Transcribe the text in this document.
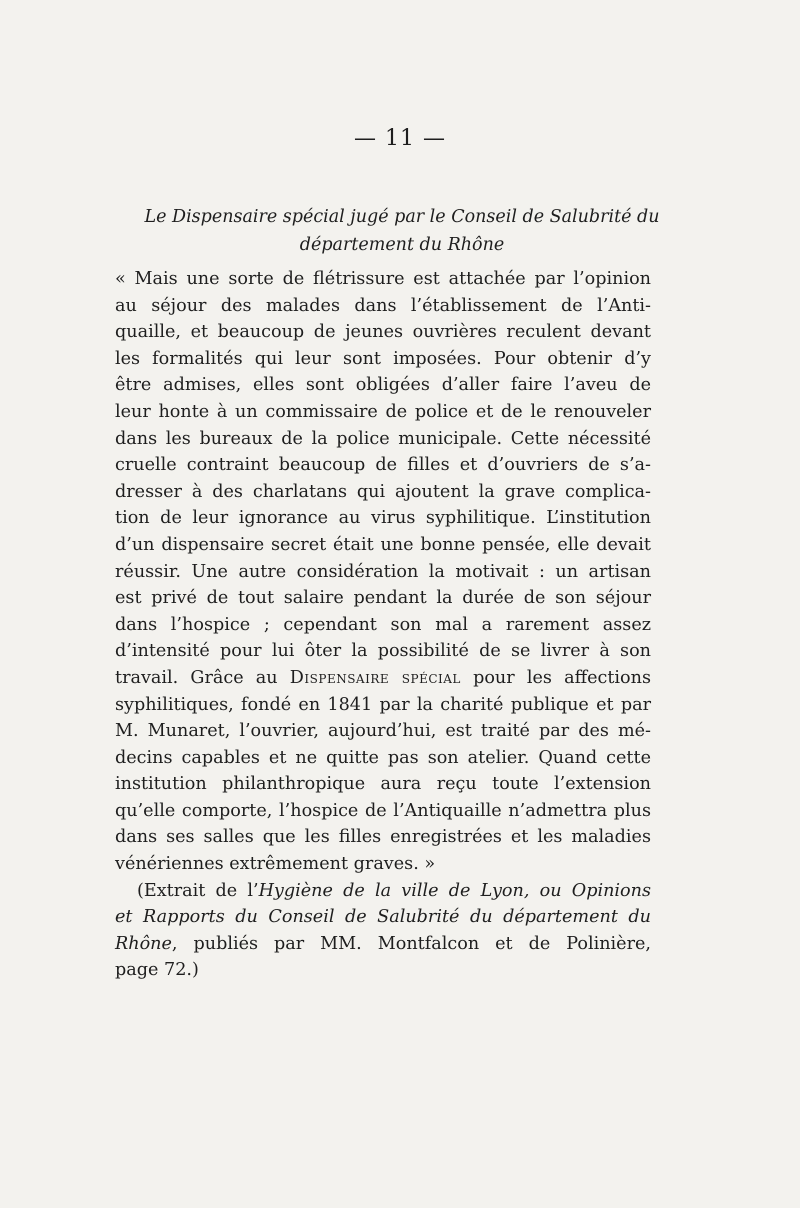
— 11 —

Le Dispensaire spécial jugé par le Conseil de Salubrité du
département du Rhône
« Mais une sorte de flétrissure est attachée par l’opinion
au séjour des malades dans l’établissement de l’Anti-
quaille, et beaucoup de jeunes ouvrières reculent devant
les formalités qui leur sont imposées. Pour obtenir d’y
être admises, elles sont obligées d’aller faire l’aveu de
leur honte à un commissaire de police et de le renouveler
dans les bureaux de la police municipale. Cette nécessité
cruelle contraint beaucoup de filles et d’ouvriers de s’a-
dresser à des charlatans qui ajoutent la grave complica-
tion de leur ignorance au virus syphilitique. L’institution
d’un dispensaire secret était une bonne pensée, elle devait
réussir. Une autre considération la motivait : un artisan
est privé de tout salaire pendant la durée de son séjour
dans l’hospice ; cependant son mal a rarement assez
d’intensité pour lui ôter la possibilité de se livrer à son
travail. Grâce au Dispensaire spécial pour les affections
syphilitiques, fondé en 1841 par la charité publique et par
M. Munaret, l’ouvrier, aujourd’hui, est traité par des mé-
decins capables et ne quitte pas son atelier. Quand cette
institution philanthropique aura reçu toute l’extension
qu’elle comporte, l’hospice de l’Antiquaille n’admettra plus
dans ses salles que les filles enregistrées et les maladies
vénériennes extrêmement graves. »
(Extrait de l’Hygiène de la ville de Lyon, ou Opinions
et Rapports du Conseil de Salubrité du département du
Rhône, publiés par MM. Montfalcon et de Polinière,
page 72.)
